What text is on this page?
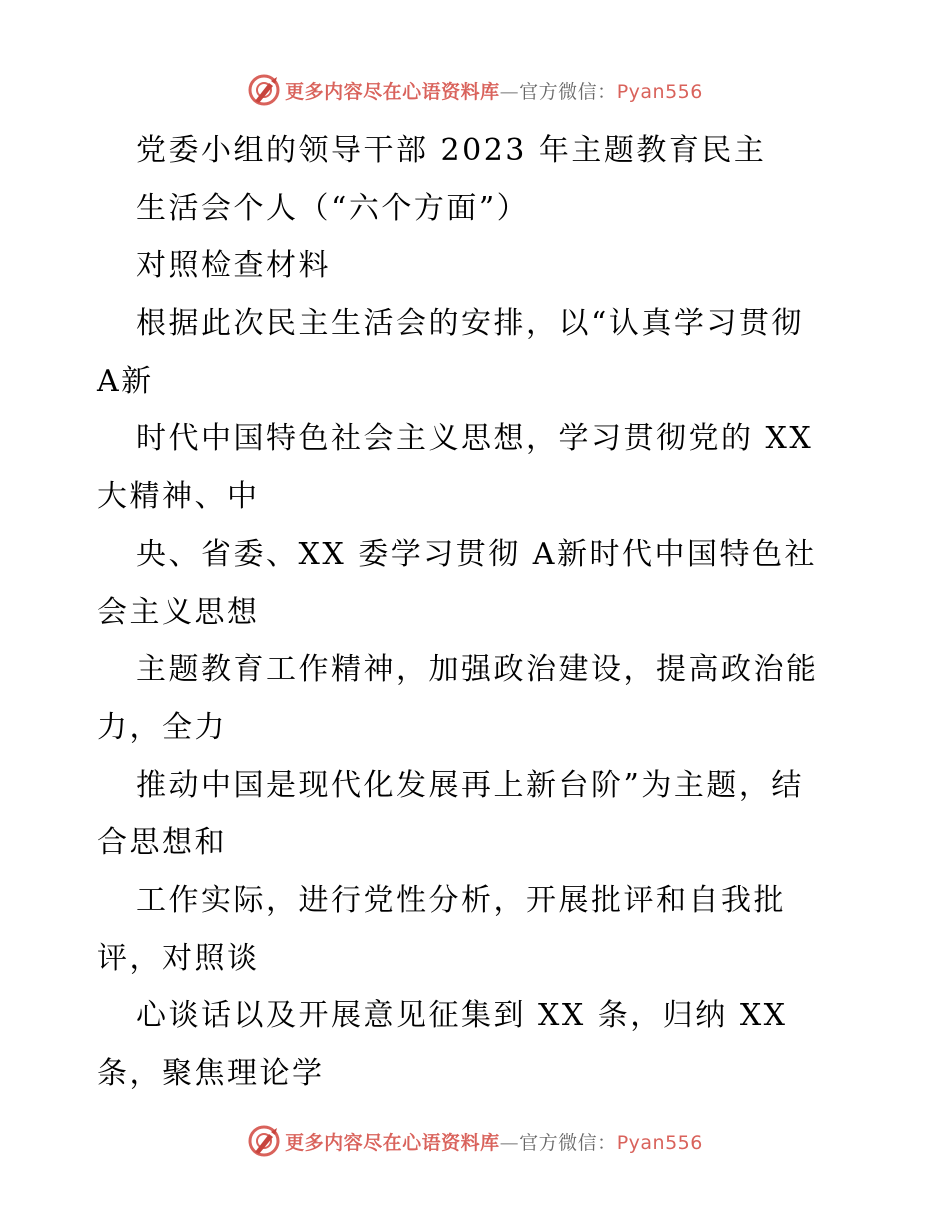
更多内容尽在心语资料库—官方微信：Pyan556
党委小组的领导干部 2023 年主题教育民主
生活会个人（“六个方面”）
对照检查材料
根据此次民主生活会的安排，以“认真学习贯彻
A新
时代中国特色社会主义思想，学习贯彻党的 XX
大精神、中
央、省委、XX 委学习贯彻 A新时代中国特色社
会主义思想
主题教育工作精神，加强政治建设，提高政治能
力，全力
推动中国是现代化发展再上新台阶”为主题，结
合思想和
工作实际，进行党性分析，开展批评和自我批
评，对照谈
心谈话以及开展意见征集到 XX 条，归纳 XX
条，聚焦理论学
更多内容尽在心语资料库—官方微信：Pyan556
